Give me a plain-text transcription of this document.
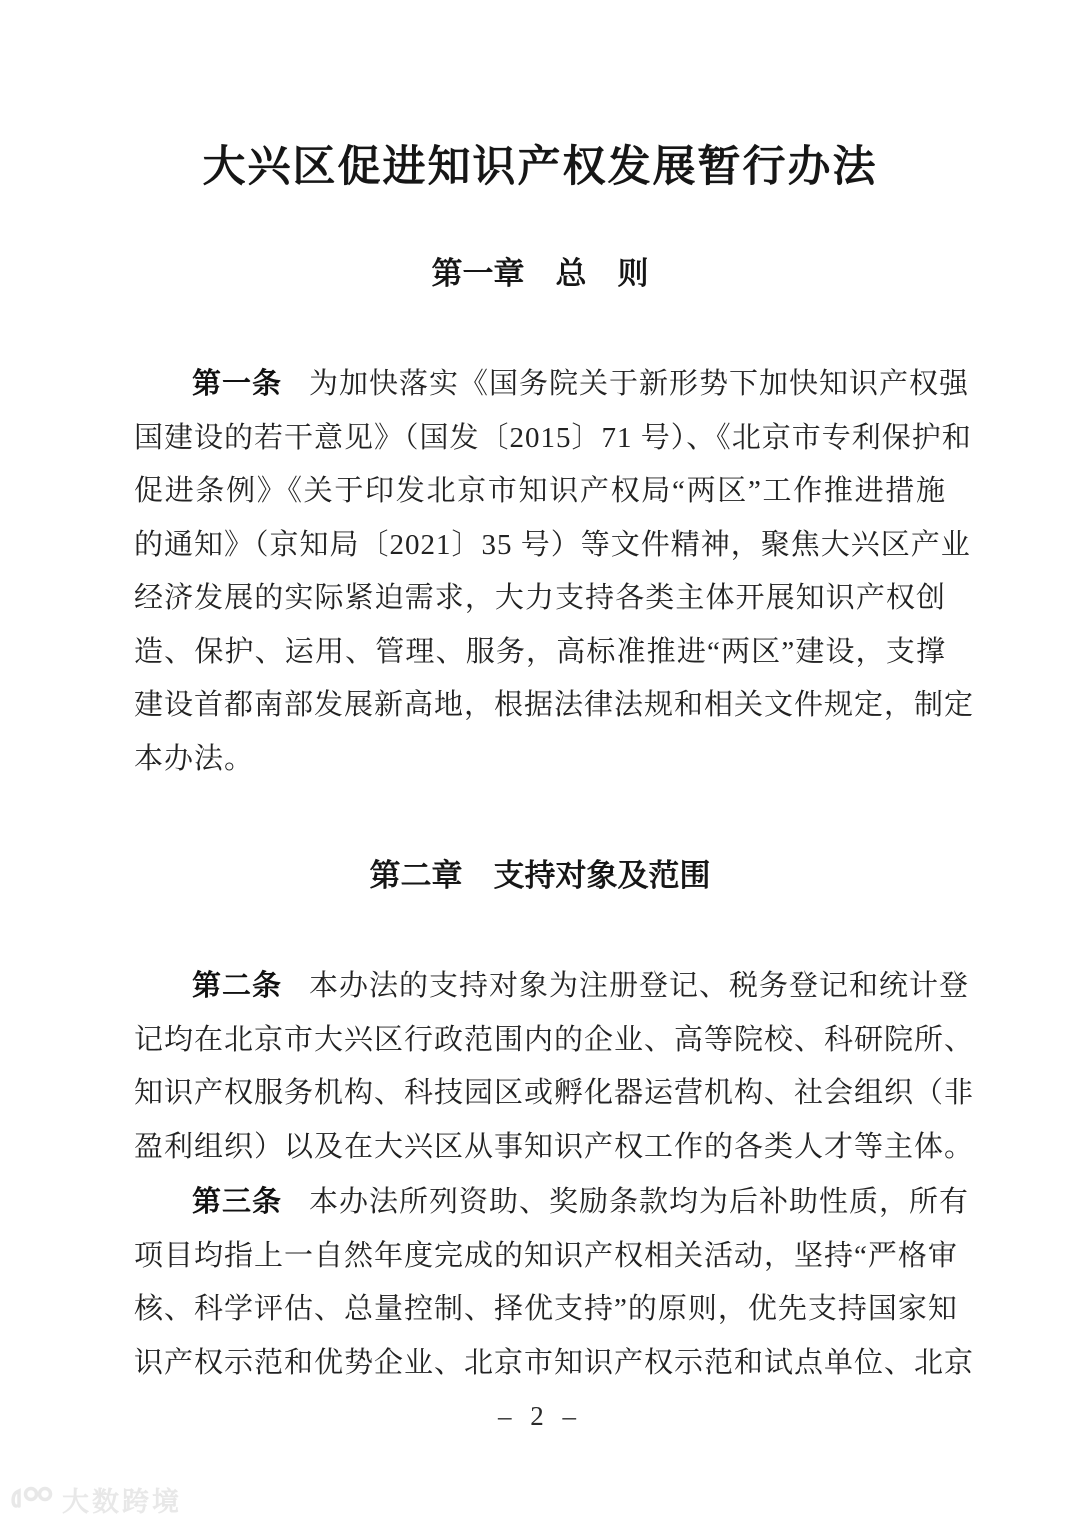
大兴区促进知识产权发展暂行办法
第一章　总　则
第一条 为加快落实《国务院关于新形势下加快知识产权强
国建设的若干意见》（国发〔2015〕71 号）、《北京市专利保护和
促进条例》《关于印发北京市知识产权局“两区”工作推进措施
的通知》（京知局〔2021〕35 号）等文件精神，聚焦大兴区产业
经济发展的实际紧迫需求，大力支持各类主体开展知识产权创
造、保护、运用、管理、服务，高标准推进“两区”建设，支撑
建设首都南部发展新高地，根据法律法规和相关文件规定，制定
本办法。
第二章　支持对象及范围
第二条 本办法的支持对象为注册登记、税务登记和统计登
记均在北京市大兴区行政范围内的企业、高等院校、科研院所、
知识产权服务机构、科技园区或孵化器运营机构、社会组织（非
盈利组织）以及在大兴区从事知识产权工作的各类人才等主体。
第三条 本办法所列资助、奖励条款均为后补助性质，所有
项目均指上一自然年度完成的知识产权相关活动，坚持“严格审
核、科学评估、总量控制、择优支持”的原则，优先支持国家知
识产权示范和优势企业、北京市知识产权示范和试点单位、北京
– 2 –
大数跨境
